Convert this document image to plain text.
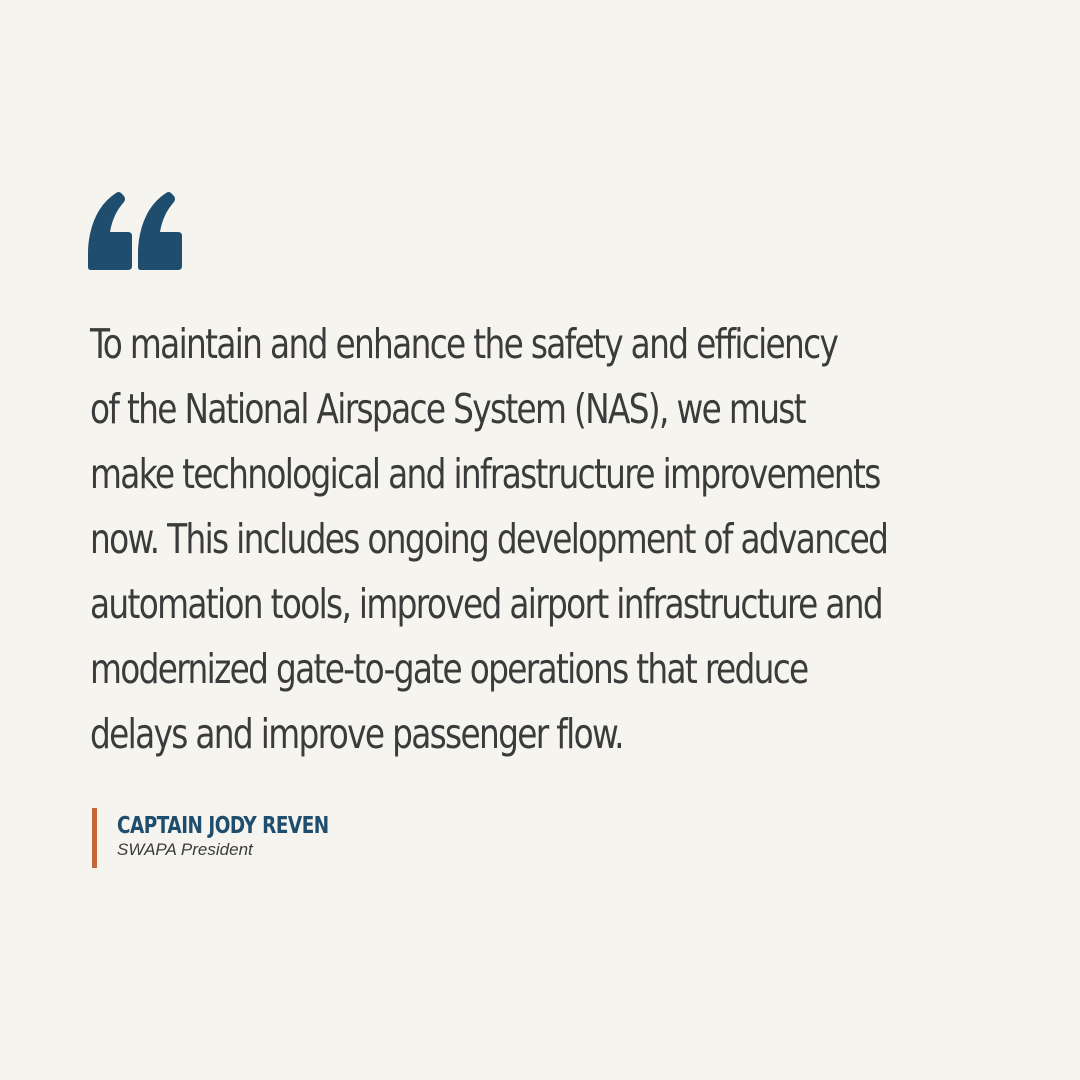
To maintain and enhance the safety and efficiency
of the National Airspace System (NAS), we must
make technological and infrastructure improvements
now. This includes ongoing development of advanced
automation tools, improved airport infrastructure and
modernized gate-to-gate operations that reduce
delays and improve passenger flow.

CAPTAIN JODY REVEN
SWAPA President
